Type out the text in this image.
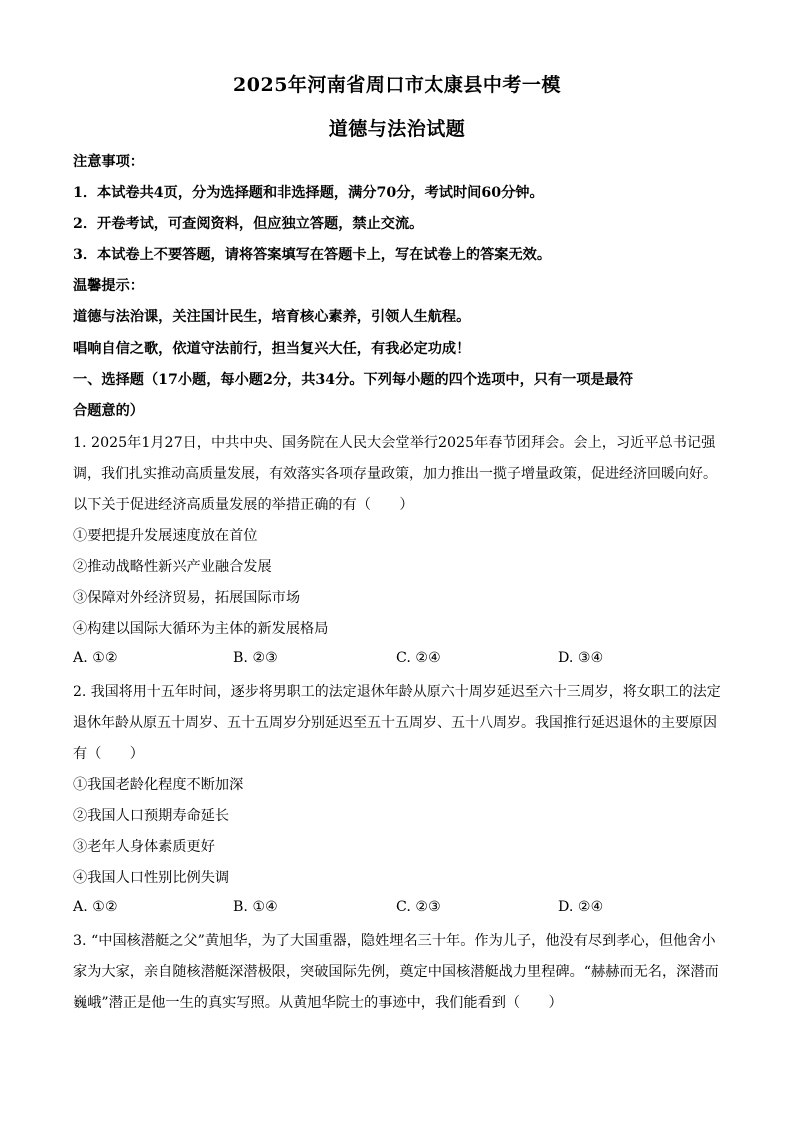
2025年河南省周口市太康县中考一模
道德与法治试题
注意事项：
1．本试卷共4页，分为选择题和非选择题，满分70分，考试时间60分钟。
2．开卷考试，可查阅资料，但应独立答题，禁止交流。
3．本试卷上不要答题，请将答案填写在答题卡上，写在试卷上的答案无效。
温馨提示：
道德与法治课，关注国计民生，培育核心素养，引领人生航程。
唱响自信之歌，依道守法前行，担当复兴大任，有我必定功成！
一、选择题（17小题，每小题2分，共34分。下列每小题的四个选项中，只有一项是最符
合题意的）
1. 2025年1月27日，中共中央、国务院在人民大会堂举行2025年春节团拜会。会上，习近平总书记强
调，我们扎实推动高质量发展，有效落实各项存量政策，加力推出一揽子增量政策，促进经济回暖向好。
以下关于促进经济高质量发展的举措正确的有（　　）
①要把提升发展速度放在首位
②推动战略性新兴产业融合发展
③保障对外经济贸易，拓展国际市场
④构建以国际大循环为主体的新发展格局
A. ①②	B. ②③	C. ②④	D. ③④
2. 我国将用十五年时间，逐步将男职工的法定退休年龄从原六十周岁延迟至六十三周岁，将女职工的法定
退休年龄从原五十周岁、五十五周岁分别延迟至五十五周岁、五十八周岁。我国推行延迟退休的主要原因
有（　　）
①我国老龄化程度不断加深
②我国人口预期寿命延长
③老年人身体素质更好
④我国人口性别比例失调
A. ①②	B. ①④	C. ②③	D. ②④
3. “中国核潜艇之父”黄旭华，为了大国重器，隐姓埋名三十年。作为儿子，他没有尽到孝心，但他舍小
家为大家，亲自随核潜艇深潜极限，突破国际先例，奠定中国核潜艇战力里程碑。“赫赫而无名，深潜而
巍峨”潜正是他一生的真实写照。从黄旭华院士的事迹中，我们能看到（　　）
